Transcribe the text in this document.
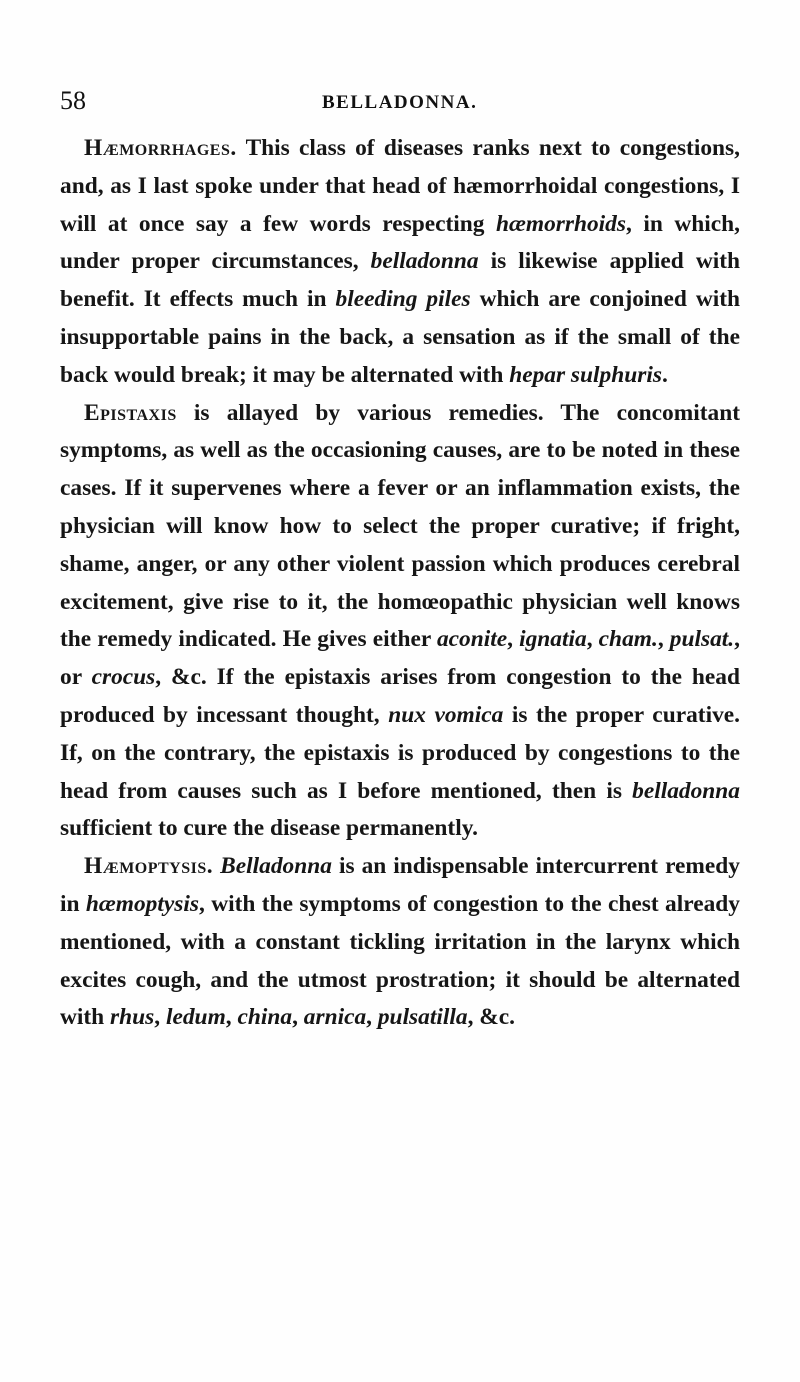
58	BELLADONNA.

Hæmorrhages. This class of diseases ranks next to congestions, and, as I last spoke under that head of hæmorrhoidal congestions, I will at once say a few words respecting hæmorrhoids, in which, under proper circumstances, belladonna is likewise applied with benefit. It effects much in bleeding piles which are conjoined with insupportable pains in the back, a sensation as if the small of the back would break; it may be alternated with hepar sulphuris.

Epistaxis is allayed by various remedies. The concomitant symptoms, as well as the occasioning causes, are to be noted in these cases. If it supervenes where a fever or an inflammation exists, the physician will know how to select the proper curative; if fright, shame, anger, or any other violent passion which produces cerebral excitement, give rise to it, the homœopathic physician well knows the remedy indicated. He gives either aconite, ignatia, cham., pulsat., or crocus, &c. If the epistaxis arises from congestion to the head produced by incessant thought, nux vomica is the proper curative. If, on the contrary, the epistaxis is produced by congestions to the head from causes such as I before mentioned, then is belladonna sufficient to cure the disease permanently.

Hæmoptysis. Belladonna is an indispensable intercurrent remedy in hæmoptysis, with the symptoms of congestion to the chest already mentioned, with a constant tickling irritation in the larynx which excites cough, and the utmost prostration; it should be alternated with rhus, ledum, china, arnica, pulsatilla, &c.
